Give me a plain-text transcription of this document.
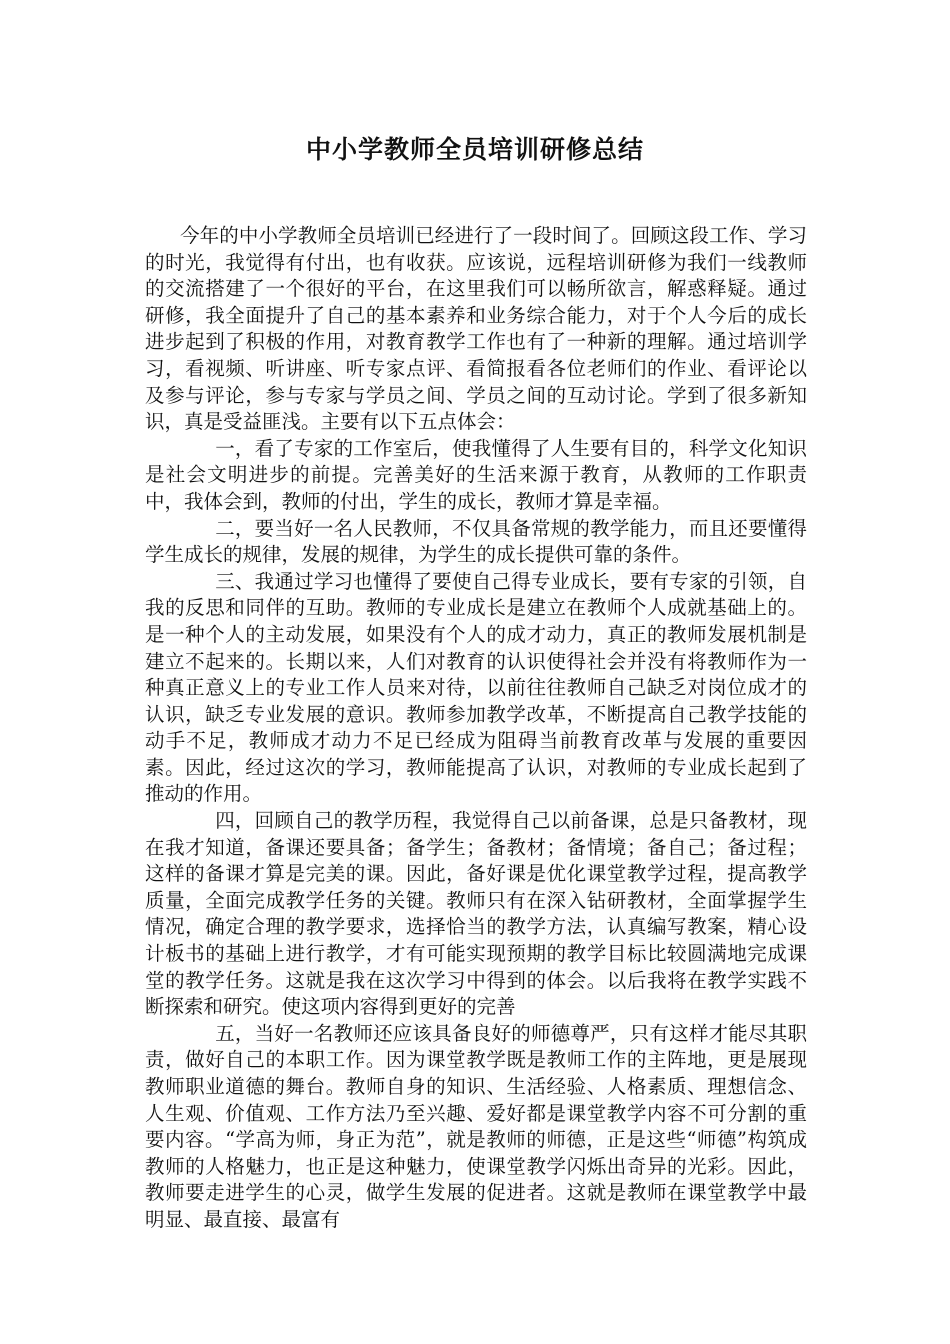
中小学教师全员培训研修总结

今年的中小学教师全员培训已经进行了一段时间了。回顾这段工作、学习的时光，我觉得有付出，也有收获。应该说，远程培训研修为我们一线教师的交流搭建了一个很好的平台，在这里我们可以畅所欲言，解惑释疑。通过研修，我全面提升了自己的基本素养和业务综合能力，对于个人今后的成长进步起到了积极的作用，对教育教学工作也有了一种新的理解。通过培训学习，看视频、听讲座、听专家点评、看简报看各位老师们的作业、看评论以及参与评论，参与专家与学员之间、学员之间的互动讨论。学到了很多新知识，真是受益匪浅。主要有以下五点体会：

一，看了专家的工作室后，使我懂得了人生要有目的，科学文化知识是社会文明进步的前提。完善美好的生活来源于教育，从教师的工作职责中，我体会到，教师的付出，学生的成长，教师才算是幸福。

二，要当好一名人民教师，不仅具备常规的教学能力，而且还要懂得学生成长的规律，发展的规律，为学生的成长提供可靠的条件。

三、我通过学习也懂得了要使自己得专业成长，要有专家的引领，自我的反思和同伴的互助。教师的专业成长是建立在教师个人成就基础上的。是一种个人的主动发展，如果没有个人的成才动力，真正的教师发展机制是建立不起来的。长期以来，人们对教育的认识使得社会并没有将教师作为一种真正意义上的专业工作人员来对待，以前往往教师自己缺乏对岗位成才的认识，缺乏专业发展的意识。教师参加教学改革，不断提高自己教学技能的动手不足，教师成才动力不足已经成为阻碍当前教育改革与发展的重要因素。因此，经过这次的学习，教师能提高了认识，对教师的专业成长起到了推动的作用。

四，回顾自己的教学历程，我觉得自己以前备课，总是只备教材，现在我才知道，备课还要具备；备学生；备教材；备情境；备自己；备过程；这样的备课才算是完美的课。因此，备好课是优化课堂教学过程，提高教学质量，全面完成教学任务的关键。教师只有在深入钻研教材，全面掌握学生情况，确定合理的教学要求，选择恰当的教学方法，认真编写教案，精心设计板书的基础上进行教学，才有可能实现预期的教学目标比较圆满地完成课堂的教学任务。这就是我在这次学习中得到的体会。以后我将在教学实践不断探索和研究。使这项内容得到更好的完善

五，当好一名教师还应该具备良好的师德尊严，只有这样才能尽其职责，做好自己的本职工作。因为课堂教学既是教师工作的主阵地，更是展现教师职业道德的舞台。教师自身的知识、生活经验、人格素质、理想信念、人生观、价值观、工作方法乃至兴趣、爱好都是课堂教学内容不可分割的重要内容。“学高为师，身正为范”，就是教师的师德，正是这些“师德”构筑成教师的人格魅力，也正是这种魅力，使课堂教学闪烁出奇异的光彩。因此，教师要走进学生的心灵，做学生发展的促进者。这就是教师在课堂教学中最明显、最直接、最富有
